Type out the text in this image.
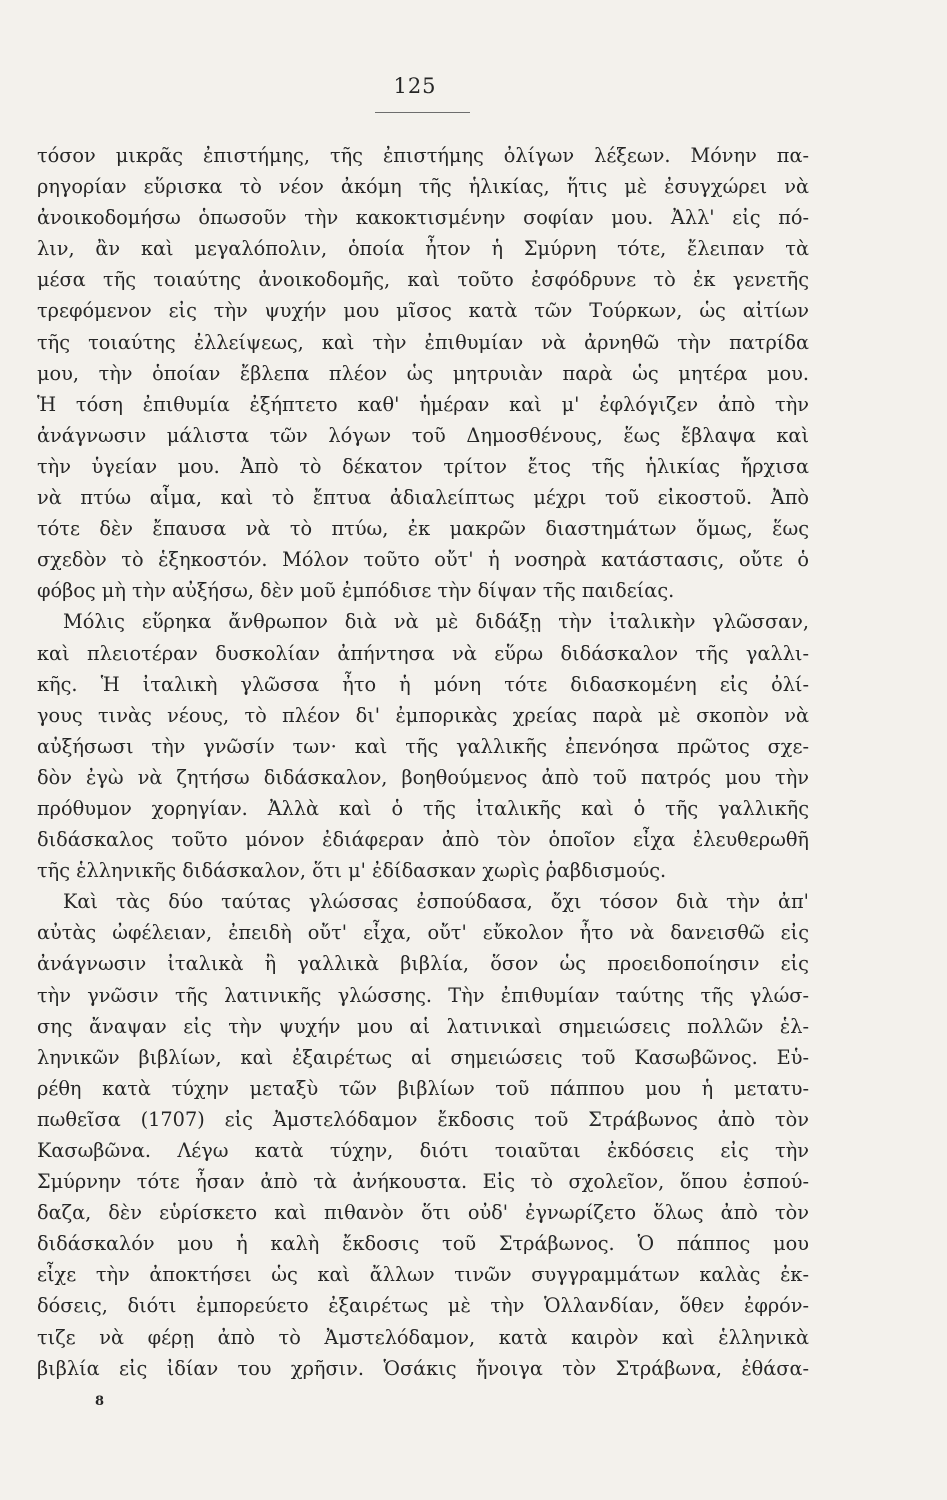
125
τόσον μικρᾶς ἐπιστήμης, τῆς ἐπιστήμης ὀλίγων λέξεων. Μόνην πα-
ρηγορίαν εὕρισκα τὸ νέον ἀκόμη τῆς ἡλικίας, ἥτις μὲ ἐσυγχώρει νὰ
ἀνοικοδομήσω ὁπωσοῦν τὴν κακοκτισμένην σοφίαν μου. Ἀλλ' εἰς πό-
λιν, ἂν καὶ μεγαλόπολιν, ὁποία ἦτον ἡ Σμύρνη τότε, ἔλειπαν τὰ
μέσα τῆς τοιαύτης ἀνοικοδομῆς, καὶ τοῦτο ἐσφόδρυνε τὸ ἐκ γενετῆς
τρεφόμενον εἰς τὴν ψυχήν μου μῖσος κατὰ τῶν Τούρκων, ὡς αἰτίων
τῆς τοιαύτης ἐλλείψεως, καὶ τὴν ἐπιθυμίαν νὰ ἀρνηθῶ τὴν πατρίδα
μου, τὴν ὁποίαν ἔβλεπα πλέον ὡς μητρυιὰν παρὰ ὡς μητέρα μου.
Ἡ τόση ἐπιθυμία ἐξήπτετο καθ' ἡμέραν καὶ μ' ἐφλόγιζεν ἀπὸ τὴν
ἀνάγνωσιν μάλιστα τῶν λόγων τοῦ Δημοσθένους, ἕως ἔβλαψα καὶ
τὴν ὑγείαν μου. Ἀπὸ τὸ δέκατον τρίτον ἔτος τῆς ἡλικίας ἤρχισα
νὰ πτύω αἷμα, καὶ τὸ ἔπτυα ἀδιαλείπτως μέχρι τοῦ εἰκοστοῦ. Ἀπὸ
τότε δὲν ἔπαυσα νὰ τὸ πτύω, ἐκ μακρῶν διαστημάτων ὅμως, ἕως
σχεδὸν τὸ ἑξηκοστόν. Μόλον τοῦτο οὔτ' ἡ νοσηρὰ κατάστασις, οὔτε ὁ
φόβος μὴ τὴν αὐξήσω, δὲν μοῦ ἐμπόδισε τὴν δίψαν τῆς παιδείας.
Μόλις εὕρηκα ἄνθρωπον διὰ νὰ μὲ διδάξῃ τὴν ἰταλικὴν γλῶσσαν,
καὶ πλειοτέραν δυσκολίαν ἀπήντησα νὰ εὕρω διδάσκαλον τῆς γαλλι-
κῆς. Ἡ ἰταλικὴ γλῶσσα ἦτο ἡ μόνη τότε διδασκομένη εἰς ὀλί-
γους τινὰς νέους, τὸ πλέον δι' ἐμπορικὰς χρείας παρὰ μὲ σκοπὸν νὰ
αὐξήσωσι τὴν γνῶσίν των· καὶ τῆς γαλλικῆς ἐπενόησα πρῶτος σχε-
δὸν ἐγὼ νὰ ζητήσω διδάσκαλον, βοηθούμενος ἀπὸ τοῦ πατρός μου τὴν
πρόθυμον χορηγίαν. Ἀλλὰ καὶ ὁ τῆς ἰταλικῆς καὶ ὁ τῆς γαλλικῆς
διδάσκαλος τοῦτο μόνον ἐδιάφεραν ἀπὸ τὸν ὁποῖον εἶχα ἐλευθερωθῆ
τῆς ἑλληνικῆς διδάσκαλον, ὅτι μ' ἐδίδασκαν χωρὶς ῥαβδισμούς.
Καὶ τὰς δύο ταύτας γλώσσας ἐσπούδασα, ὄχι τόσον διὰ τὴν ἀπ'
αὐτὰς ὠφέλειαν, ἐπειδὴ οὔτ' εἶχα, οὔτ' εὔκολον ἦτο νὰ δανεισθῶ εἰς
ἀνάγνωσιν ἰταλικὰ ἢ γαλλικὰ βιβλία, ὅσον ὡς προειδοποίησιν εἰς
τὴν γνῶσιν τῆς λατινικῆς γλώσσης. Τὴν ἐπιθυμίαν ταύτης τῆς γλώσ-
σης ἄναψαν εἰς τὴν ψυχήν μου αἱ λατινικαὶ σημειώσεις πολλῶν ἑλ-
ληνικῶν βιβλίων, καὶ ἐξαιρέτως αἱ σημειώσεις τοῦ Κασωβῶνος. Εὑ-
ρέθη κατὰ τύχην μεταξὺ τῶν βιβλίων τοῦ πάππου μου ἡ μετατυ-
πωθεῖσα (1707) εἰς Ἀμστελόδαμον ἔκδοσις τοῦ Στράβωνος ἀπὸ τὸν
Κασωβῶνα. Λέγω κατὰ τύχην, διότι τοιαῦται ἐκδόσεις εἰς τὴν
Σμύρνην τότε ἦσαν ἀπὸ τὰ ἀνήκουστα. Εἰς τὸ σχολεῖον, ὅπου ἐσπού-
δαζα, δὲν εὑρίσκετο καὶ πιθανὸν ὅτι οὐδ' ἐγνωρίζετο ὅλως ἀπὸ τὸν
διδάσκαλόν μου ἡ καλὴ ἔκδοσις τοῦ Στράβωνος. Ὁ πάππος μου
εἶχε τὴν ἀποκτήσει ὡς καὶ ἄλλων τινῶν συγγραμμάτων καλὰς ἐκ-
δόσεις, διότι ἐμπορεύετο ἐξαιρέτως μὲ τὴν Ὁλλανδίαν, ὅθεν ἐφρόν-
τιζε νὰ φέρῃ ἀπὸ τὸ Ἀμστελόδαμον, κατὰ καιρὸν καὶ ἑλληνικὰ
βιβλία εἰς ἰδίαν του χρῆσιν. Ὁσάκις ἤνοιγα τὸν Στράβωνα, ἐθάσα-
8
